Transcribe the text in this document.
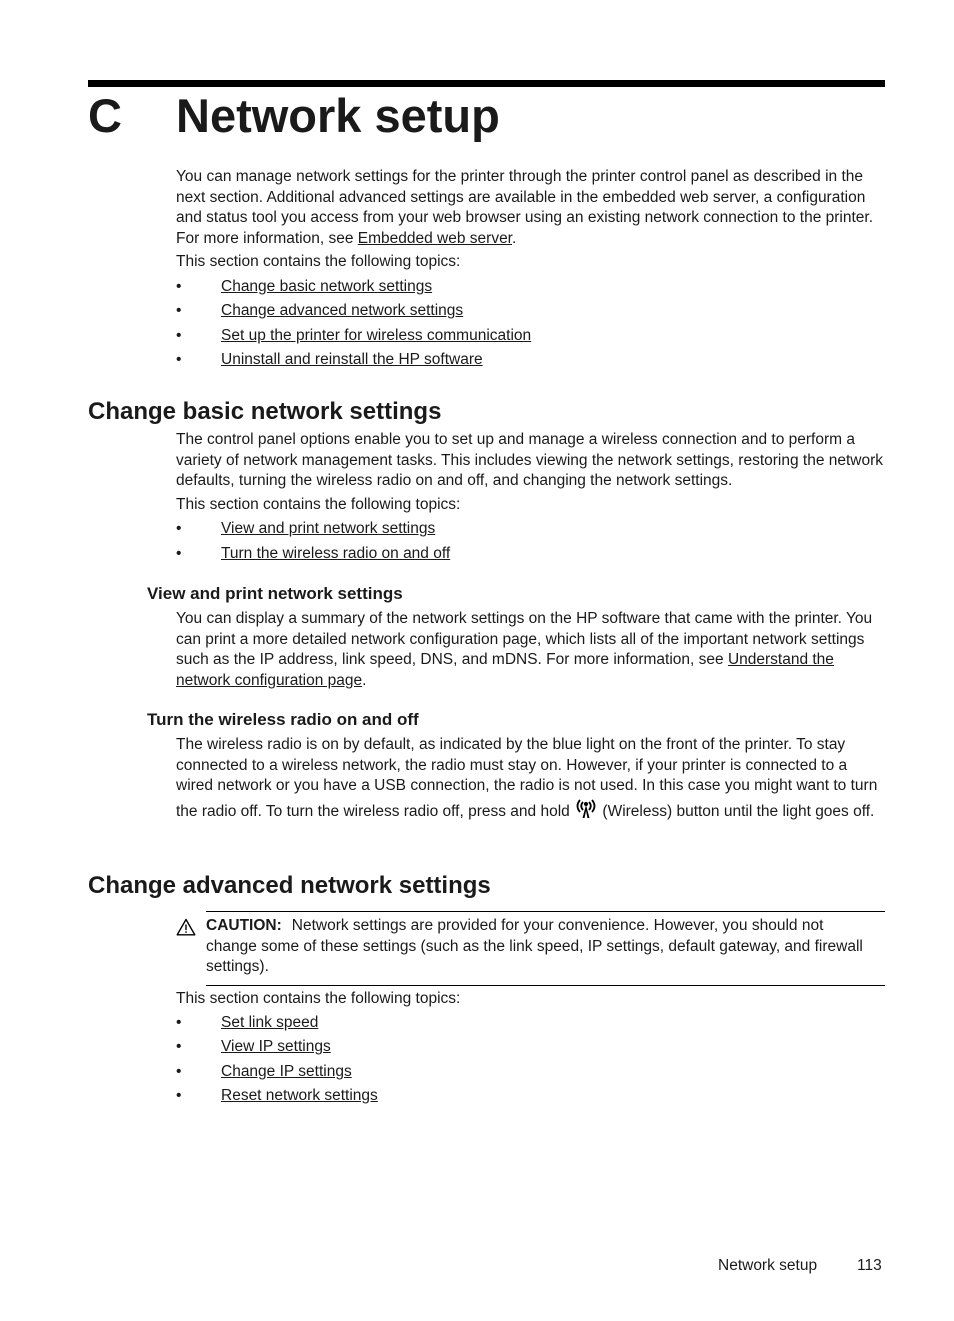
C Network setup
You can manage network settings for the printer through the printer control panel as described in the next section. Additional advanced settings are available in the embedded web server, a configuration and status tool you access from your web browser using an existing network connection to the printer. For more information, see Embedded web server.
This section contains the following topics:
•	Change basic network settings
•	Change advanced network settings
•	Set up the printer for wireless communication
•	Uninstall and reinstall the HP software
Change basic network settings
The control panel options enable you to set up and manage a wireless connection and to perform a variety of network management tasks. This includes viewing the network settings, restoring the network defaults, turning the wireless radio on and off, and changing the network settings.
This section contains the following topics:
•	View and print network settings
•	Turn the wireless radio on and off
View and print network settings
You can display a summary of the network settings on the HP software that came with the printer. You can print a more detailed network configuration page, which lists all of the important network settings such as the IP address, link speed, DNS, and mDNS. For more information, see Understand the network configuration page.
Turn the wireless radio on and off
The wireless radio is on by default, as indicated by the blue light on the front of the printer. To stay connected to a wireless network, the radio must stay on. However, if your printer is connected to a wired network or you have a USB connection, the radio is not used. In this case you might want to turn the radio off. To turn the wireless radio off, press and hold (Wireless) button until the light goes off.
Change advanced network settings
CAUTION: Network settings are provided for your convenience. However, you should not change some of these settings (such as the link speed, IP settings, default gateway, and firewall settings).
This section contains the following topics:
•	Set link speed
•	View IP settings
•	Change IP settings
•	Reset network settings
Network setup	113
